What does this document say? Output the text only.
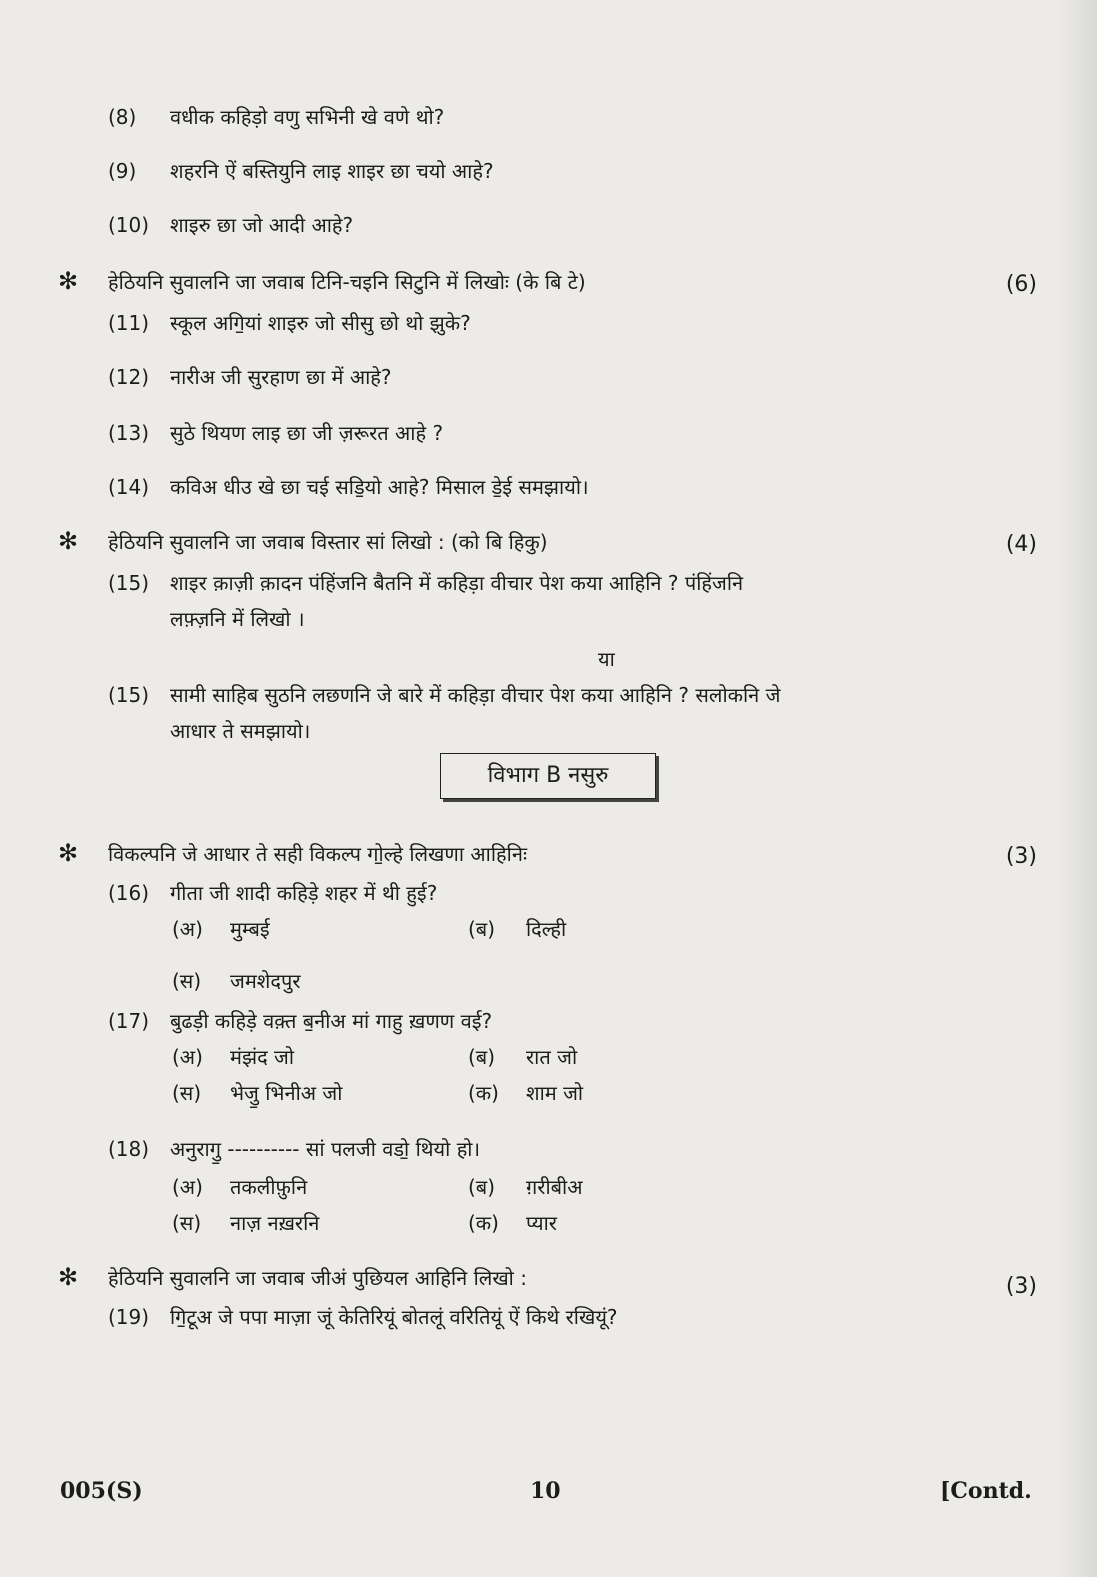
(8) वधीक कहिड़ो वणु सभिनी खे वणे थो?
(9) शहरनि ऐं बस्तियुनि लाइ शाइर छा चयो आहे?
(10) शाइरु छा जो आदी आहे?
✻ हेठियनि सुवालनि जा जवाब टिनि-चइनि सिटुनि में लिखोः (के बि टे)	(6)
(11) स्कूल अगि॒यां शाइरु जो सीसु छो थो झुके?
(12) नारीअ जी सुरहाण छा में आहे?
(13) सुठे थियण लाइ छा जी ज़रूरत आहे ?
(14) कविअ धीउ खे छा चई सडि॒यो आहे? मिसाल डे॒ई समझायो।
✻ हेठियनि सुवालनि जा जवाब विस्तार सां लिखो : (को बि हिकु)	(4)
(15) शाइर क़ाज़ी क़ादन पंहिंजनि बैतनि में कहिड़ा वीचार पेश कया आहिनि ? पंहिंजनि
लफ़्ज़नि में लिखो ।
या
(15) सामी साहिब सुठनि लछणनि जे बारे में कहिड़ा वीचार पेश कया आहिनि ? सलोकनि जे
आधार ते समझायो।
विभाग B नसुरु
✻ विकल्पनि जे आधार ते सही विकल्प गो॒ल्हे लिखणा आहिनिः	(3)
(16) गीता जी शादी कहिड़े शहर में थी हुई?
(अ) मुम्बई	(ब) दिल्ही
(स) जमशेदपुर
(17) बुढड़ी कहिड़े वक़्त ब॒नीअ मां गाहु ख़णण वई?
(अ) मंझंद जो	(ब) रात जो
(स) भेजु॒ भिनीअ जो	(क) शाम जो
(18) अनुरागु॒ ---------- सां पलजी वडो॒ थियो हो।
(अ) तकलीफ़ुनि	(ब) ग़रीबीअ
(स) नाज़ नख़रनि	(क) प्यार
✻ हेठियनि सुवालनि जा जवाब जीअं पुछियल आहिनि लिखो :	(3)
(19) गि॒टूअ जे पपा माज़ा जूं केतिरियूं बोतलूं वरितियूं ऐं किथे रखियूं?
005(S)	10	[Contd.
